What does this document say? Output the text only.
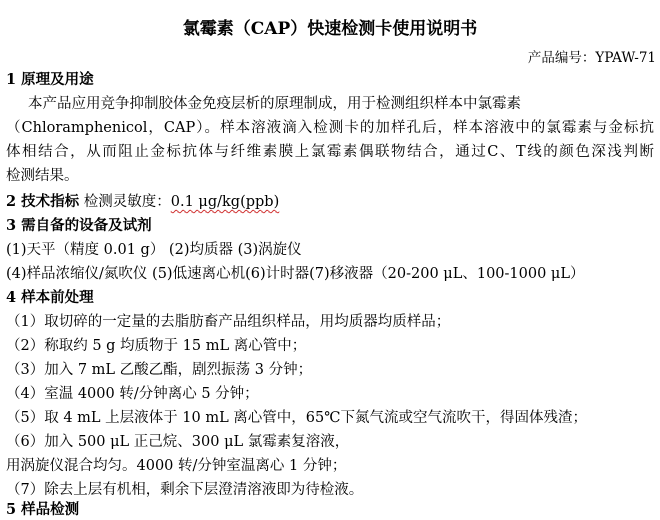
氯霉素（CAP）快速检测卡使用说明书
产品编号：YPAW-71
1 原理及用途
本产品应用竞争抑制胶体金免疫层析的原理制成，用于检测组织样本中氯霉素
（Chloramphenicol，CAP）。样本溶液滴入检测卡的加样孔后，样本溶液中的氯霉素与金标抗
体相结合，从而阻止金标抗体与纤维素膜上氯霉素偶联物结合，通过C、T线的颜色深浅判断
检测结果。
2 技术指标 检测灵敏度：0.1 μg/kg(ppb)
3 需自备的设备及试剂
(1)天平（精度 0.01 g） (2)均质器 (3)涡旋仪
(4)样品浓缩仪/氮吹仪 (5)低速离心机(6)计时器(7)移液器（20-200 μL、100-1000 μL）
4 样本前处理
（1）取切碎的一定量的去脂肪畜产品组织样品，用均质器均质样品；
（2）称取约 5 g 均质物于 15 mL 离心管中；
（3）加入 7 mL 乙酸乙酯，剧烈振荡 3 分钟；
（4）室温 4000 转/分钟离心 5 分钟；
（5）取 4 mL 上层液体于 10 mL 离心管中，65℃下氮气流或空气流吹干，得固体残渣；
（6）加入 500 μL 正己烷、300 μL 氯霉素复溶液，
用涡旋仪混合均匀。4000 转/分钟室温离心 1 分钟；
（7）除去上层有机相，剩余下层澄清溶液即为待检液。
5 样品检测
